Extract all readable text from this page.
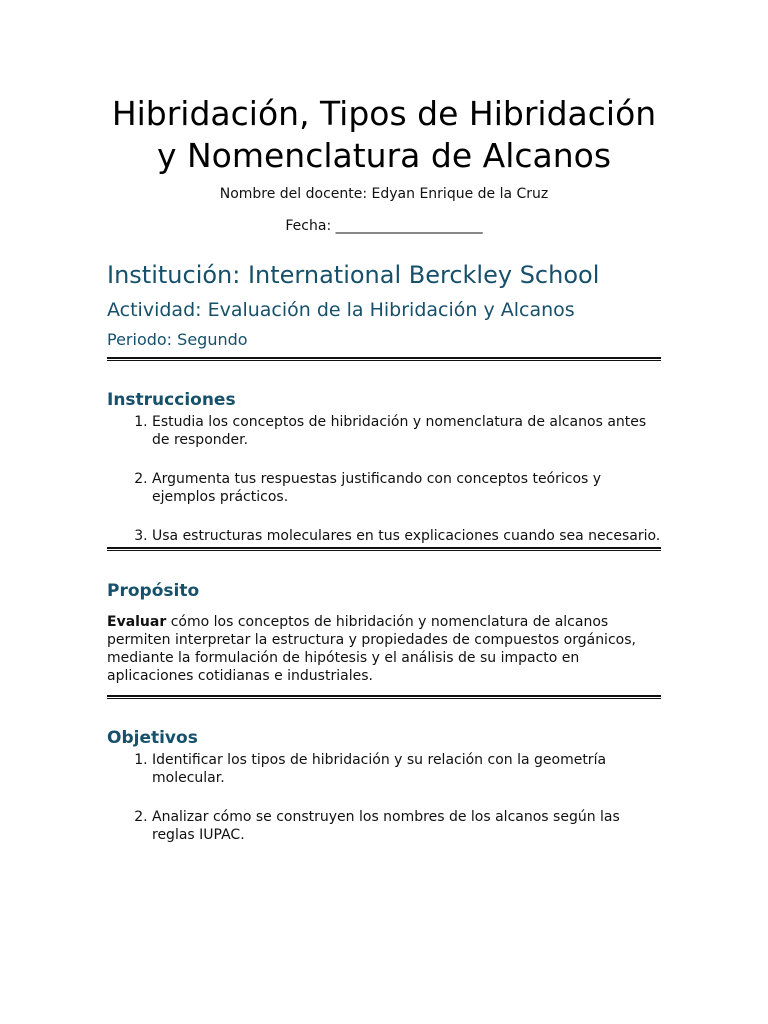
Hibridación, Tipos de Hibridación y Nomenclatura de Alcanos

Nombre del docente: Edyan Enrique de la Cruz

Fecha: _____________________

Institución: International Berckley School
Actividad: Evaluación de la Hibridación y Alcanos
Periodo: Segundo
Instrucciones
1. Estudia los conceptos de hibridación y nomenclatura de alcanos antes de responder.
2. Argumenta tus respuestas justificando con conceptos teóricos y ejemplos prácticos.
3. Usa estructuras moleculares en tus explicaciones cuando sea necesario.
Propósito

Evaluar cómo los conceptos de hibridación y nomenclatura de alcanos permiten interpretar la estructura y propiedades de compuestos orgánicos, mediante la formulación de hipótesis y el análisis de su impacto en aplicaciones cotidianas e industriales.

Objetivos
1. Identificar los tipos de hibridación y su relación con la geometría molecular.
2. Analizar cómo se construyen los nombres de los alcanos según las reglas IUPAC.
